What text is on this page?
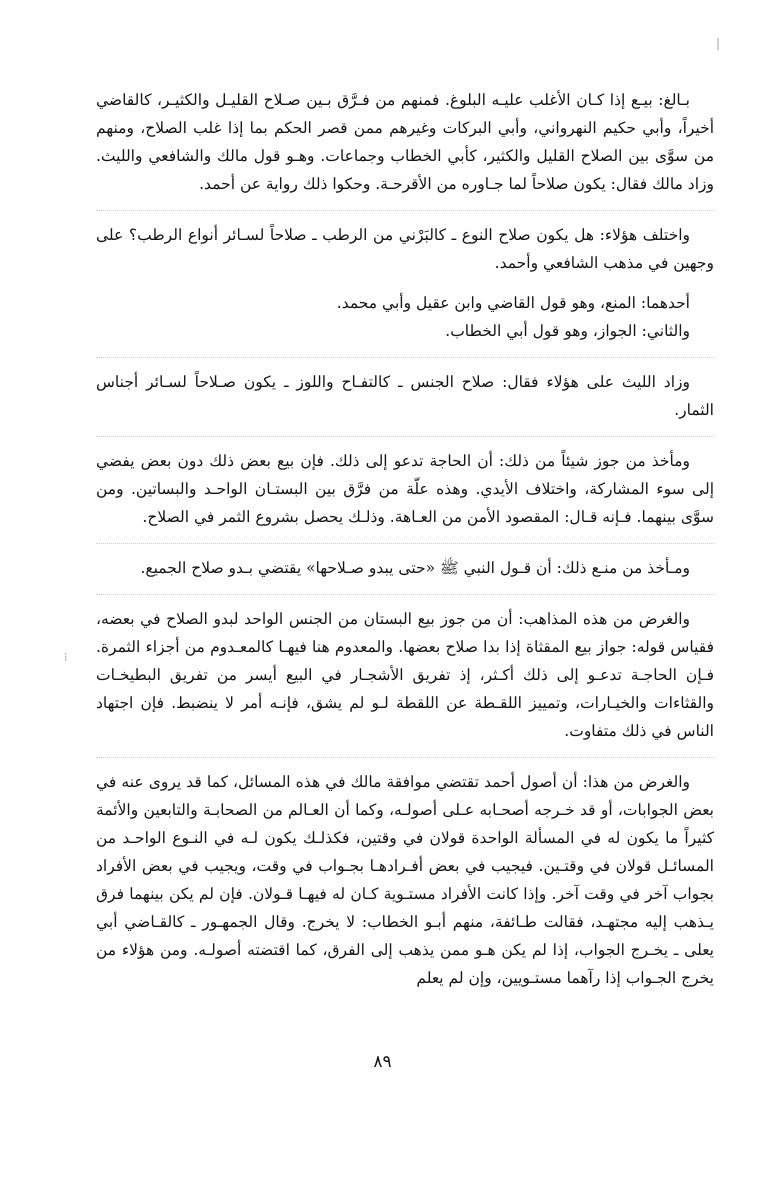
|
⁞

بـالغ: بيـع إذا كـان الأغلب عليـه البلوغ. فمنهم من فـرَّق بـين صـلاح القليـل والكثيـر، كالقاضي أخيراً، وأبي حكيم النهرواني، وأبي البركات وغيرهم ممن قصر الحكم بما إذا غلب الصلاح، ومنهم من سوَّى بين الصلاح القليل والكثير، كأبي الخطاب وجماعات. وهـو قول مالك والشافعي والليث. وزاد مالك فقال: يكون صلاحاً لما جـاوره من الأقرحـة. وحكوا ذلك رواية عن أحمد.

واختلف هؤلاء: هل يكون صلاح النوع ـ كالبَرْني من الرطب ـ صلاحاً لسـائر أنواع الرطب؟ على وجهين في مذهب الشافعي وأحمد.

أحدهما: المنع، وهو قول القاضي وابن عقيل وأبي محمد.

والثاني: الجواز، وهو قول أبي الخطاب.

وزاد الليث على هؤلاء فقال: صلاح الجنس ـ كالتفـاح واللوز ـ يكون صـلاحاً لسـائر أجناس الثمار.

ومأخذ من جوز شيئاً من ذلك: أن الحاجة تدعو إلى ذلك. فإن بيع بعض ذلك دون بعض يفضي إلى سوء المشاركة، واختلاف الأيدي. وهذه علّة من فرَّق بين البستـان الواحـد والبساتين. ومن سوَّى بينهما. فـإنه قـال: المقصود الأمن من العـاهة. وذلـك يحصل بشروع الثمر في الصلاح.

ومـأخذ من منـع ذلك: أن قـول النبي ﷺ «حتى يبدو صـلاحها» يقتضي بـدو صلاح الجميع.

والغرض من هذه المذاهب: أن من جوز بيع البستان من الجنس الواحد لبدو الصلاح في بعضه، فقياس قوله: جواز بيع المقثاة إذا بدا صلاح بعضها. والمعدوم هنا فيهـا كالمعـدوم من أجزاء الثمرة. فـإن الحاجـة تدعـو إلى ذلك أكـثر، إذ تفريق الأشجـار في البيع أيسر من تفريق البطيخـات والقثاءات والخيـارات، وتمييز اللقـطة عن اللقطة لـو لم يشق، فإنـه أمر لا ينضبط. فإن اجتهاد الناس في ذلك متفاوت.

والغرض من هذا: أن أصول أحمد تقتضي موافقة مالك في هذه المسائل، كما قد يروى عنه في بعض الجوابات، أو قد خـرجه أصحـابه عـلى أصولـه، وكما أن العـالم من الصحابـة والتابعين والأئمة كثيراً ما يكون له في المسألة الواحدة قولان في وقتين، فكذلـك يكون لـه في النـوع الواحـد من المسائـل قولان في وقتـين. فيجيب في بعض أفـرادهـا بجـواب في وقت، ويجيب في بعض الأفراد بجواب آخر في وقت آخر. وإذا كانت الأفراد مستـوية كـان له فيهـا قـولان. فإن لم يكن بينهما فرق يـذهب إليه مجتهـد، فقالت طـائفة، منهم أبـو الخطاب: لا يخرج. وقال الجمهـور ـ كالقـاضي أبي يعلى ـ يخـرج الجواب، إذا لم يكن هـو ممن يذهب إلى الفرق، كما اقتضته أصولـه. ومن هؤلاء من يخرج الجـواب إذا رآهما مستـويين، وإن لم يعلم

٨٩
